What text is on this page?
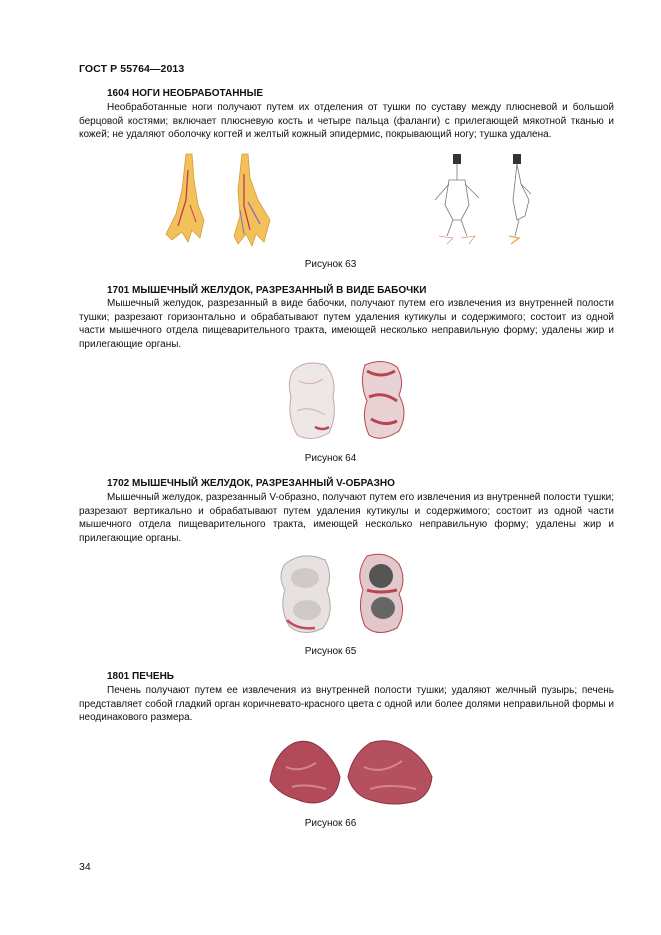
ГОСТ Р 55764—2013
1604 НОГИ НЕОБРАБОТАННЫЕ

Необработанные ноги получают путем их отделения от тушки по суставу между плюсневой и большой берцовой костями; включает плюсневую кость и четыре пальца (фаланги) с прилегающей мякотной тканью и кожей; не удаляют оболочку когтей и желтый кожный эпидермис, покрывающий ногу; тушка удалена.

Рисунок 63
1701 МЫШЕЧНЫЙ ЖЕЛУДОК, РАЗРЕЗАННЫЙ В ВИДЕ БАБОЧКИ

Мышечный желудок, разрезанный в виде бабочки, получают путем его извлечения из внутренней полости тушки; разрезают горизонтально и обрабатывают путем удаления кутикулы и содержимого; состоит из одной части мышечного отдела пищеварительного тракта, имеющей несколько неправильную форму; удалены жир и прилегающие органы.

Рисунок 64
1702 МЫШЕЧНЫЙ ЖЕЛУДОК, РАЗРЕЗАННЫЙ V-ОБРАЗНО

Мышечный желудок, разрезанный V-образно, получают путем его извлечения из внутренней полости тушки; разрезают вертикально и обрабатывают путем удаления кутикулы и содержимого; состоит из одной части мышечного отдела пищеварительного тракта, имеющей несколько неправильную форму; удалены жир и прилегающие органы.

Рисунок 65
1801 ПЕЧЕНЬ

Печень получают путем ее извлечения из внутренней полости тушки; удаляют желчный пузырь; печень представляет собой гладкий орган коричневато-красного цвета с одной или более долями неправильной формы и неодинакового размера.

Рисунок 66
34
